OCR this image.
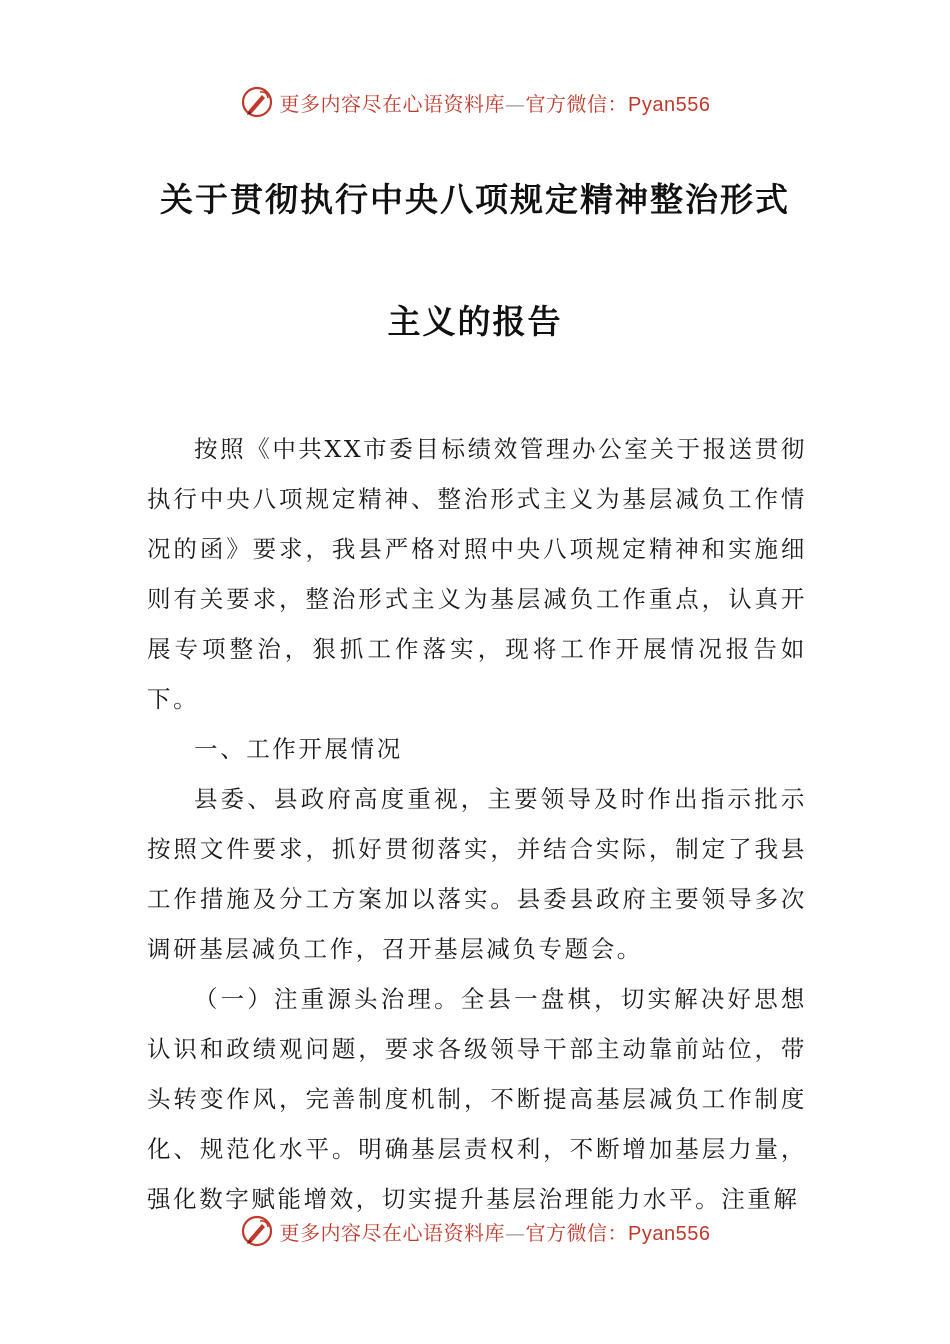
更多内容尽在心语资料库—官方微信：Pyan556
关于贯彻执行中央八项规定精神整治形式
主义的报告

按照《中共XX市委目标绩效管理办公室关于报送贯彻执行中央八项规定精神、整治形式主义为基层减负工作情况的函》要求，我县严格对照中央八项规定精神和实施细则有关要求，整治形式主义为基层减负工作重点，认真开展专项整治，狠抓工作落实，现将工作开展情况报告如下。

一、工作开展情况

县委、县政府高度重视，主要领导及时作出指示批示按照文件要求，抓好贯彻落实，并结合实际，制定了我县工作措施及分工方案加以落实。县委县政府主要领导多次调研基层减负工作，召开基层减负专题会。

（一）注重源头治理。全县一盘棋，切实解决好思想认识和政绩观问题，要求各级领导干部主动靠前站位，带头转变作风，完善制度机制，不断提高基层减负工作制度化、规范化水平。明确基层责权利，不断增加基层力量，强化数字赋能增效，切实提升基层治理能力水平。注重解

更多内容尽在心语资料库—官方微信：Pyan556
